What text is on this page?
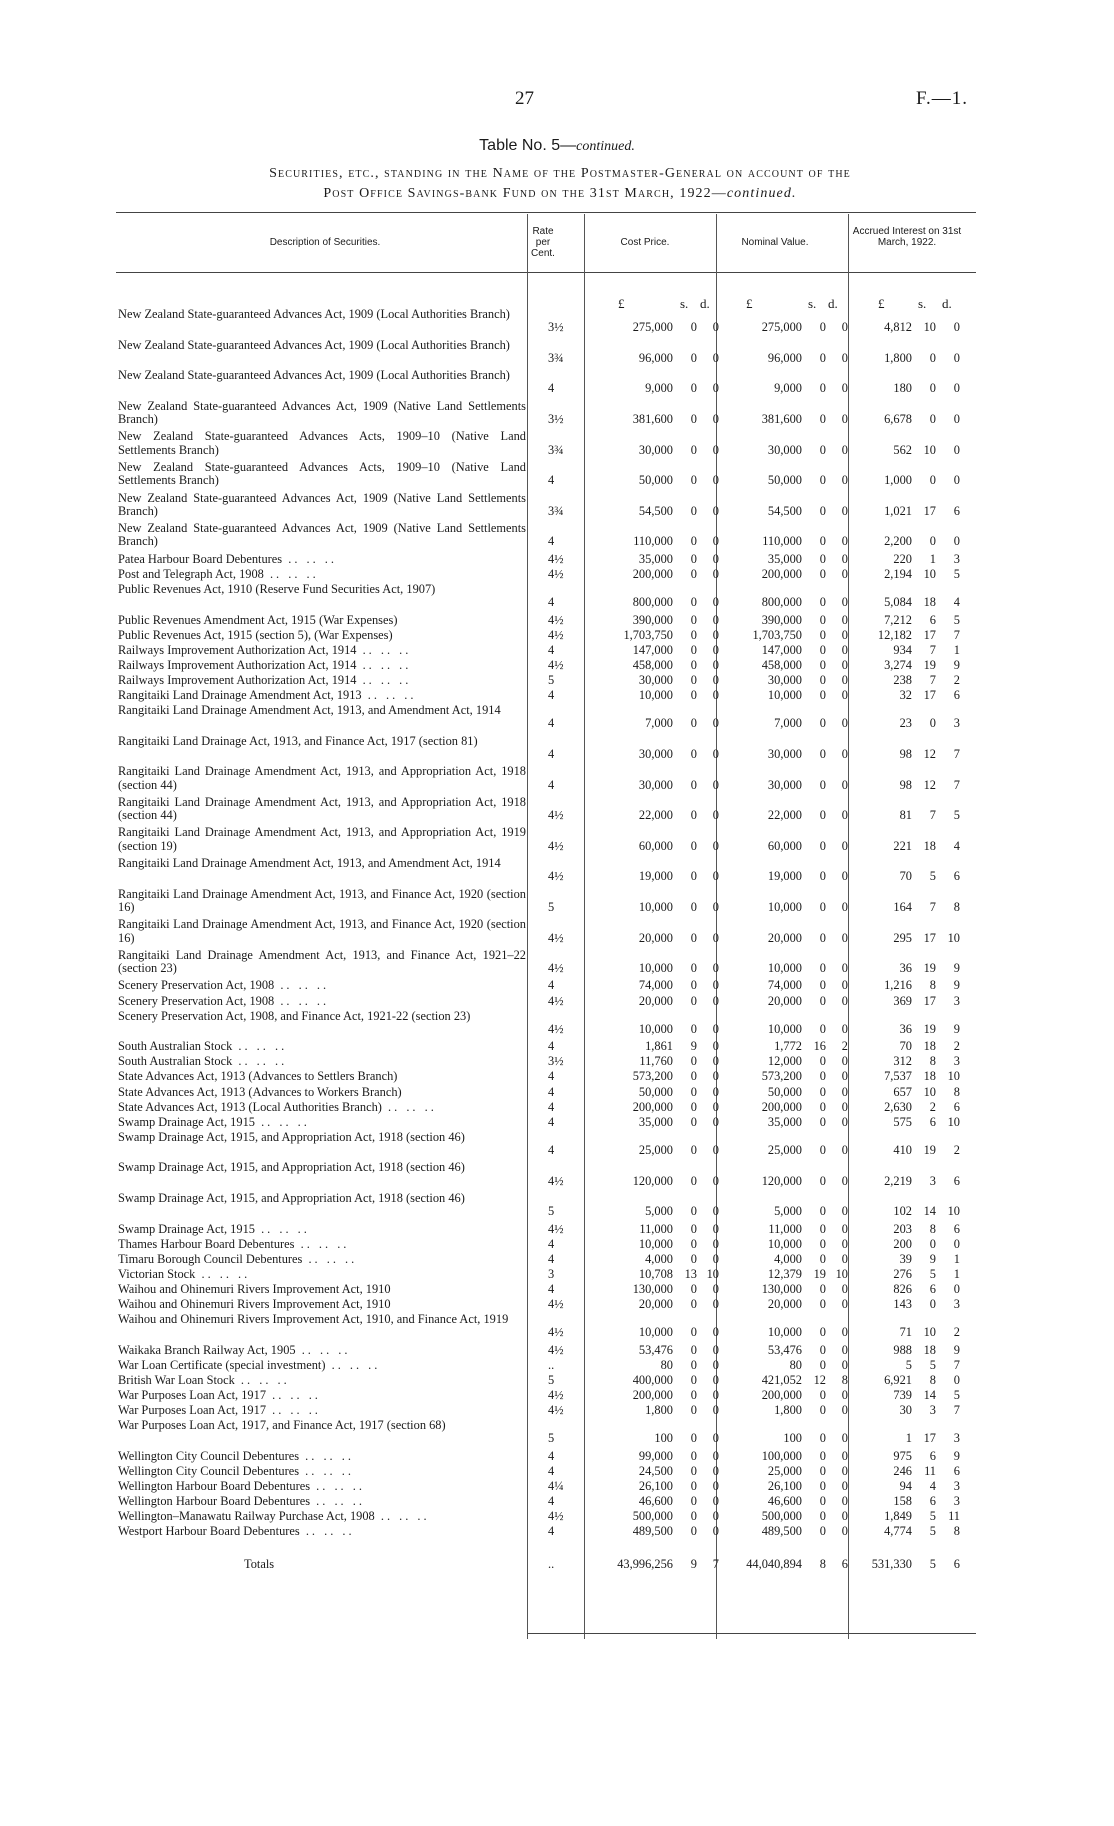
27	F.—1.
Table No. 5—continued.
Securities, etc., standing in the Name of the Postmaster-General on account of the
Post Office Savings-bank Fund on the 31st March, 1922—continued.
Description of Securities.
Rate per Cent.
Cost Price.	Nominal Value.
Accrued Interest on 31st March, 1922.
£	s. d.	£	s. d.	£	s. d.
New Zealand State-guaranteed Advances Act, 1909 (Local Authorities Branch)
3½	275,000	0	0	275,000	0	0	4,812 10	0
New Zealand State-guaranteed Advances Act, 1909 (Local Authorities Branch)
3¾	96,000	0	0	96,000	0	0	1,800	0	0
New Zealand State-guaranteed Advances Act, 1909 (Local Authorities Branch)
4	9,000	0	0	9,000	0	0	180	0	0
New Zealand State-guaranteed Advances Act, 1909 (Native Land Settlements Branch)	3½	381,600	0	0	381,600	0	0	6,678	0	0
New Zealand State-guaranteed Advances Acts, 1909–10 (Native Land Settlements Branch)	3¾	30,000	0	0	30,000	0	0	562 10	0
New Zealand State-guaranteed Advances Acts, 1909–10 (Native Land Settlements Branch)	4	50,000	0	0	50,000	0	0	1,000	0	0
New Zealand State-guaranteed Advances Act, 1909 (Native Land Settlements Branch)	3¾	54,500	0	0	54,500	0	0	1,021 17	6
New Zealand State-guaranteed Advances Act, 1909 (Native Land Settlements Branch)	4	110,000	0	0	110,000	0	0	2,200	0	0
Patea Harbour Board Debentures .. .. ..	4½	35,000	0	0	35,000	0	0	220	1	3
Post and Telegraph Act, 1908 .. .. ..	4½	200,000	0	0	200,000	0	0	2,194 10	5
Public Revenues Act, 1910 (Reserve Fund Securities Act, 1907)
4	800,000	0	0	800,000	0	0	5,084 18	4
Public Revenues Amendment Act, 1915 (War Expenses)	4½	390,000	0	0	390,000	0	0	7,212	6	5
Public Revenues Act, 1915 (section 5), (War Expenses)	4½	1,703,750	0	0	1,703,750	0	0	12,182 17	7
Railways Improvement Authorization Act, 1914 .. .. ..	4	147,000	0	0	147,000	0	0	934	7	1
Railways Improvement Authorization Act, 1914 .. .. ..	4½	458,000	0	0	458,000	0	0	3,274 19	9
Railways Improvement Authorization Act, 1914 .. .. ..	5	30,000	0	0	30,000	0	0	238	7	2
Rangitaiki Land Drainage Amendment Act, 1913 .. .. ..	4	10,000	0	0	10,000	0	0	32 17	6
Rangitaiki Land Drainage Amendment Act, 1913, and Amendment Act, 1914
4	7,000	0	0	7,000	0	0	23	0	3
Rangitaiki Land Drainage Act, 1913, and Finance Act, 1917 (section 81)
4	30,000	0	0	30,000	0	0	98 12	7
Rangitaiki Land Drainage Amendment Act, 1913, and Appropriation Act, 1918 (section 44)	4	30,000	0	0	30,000	0	0	98 12	7
Rangitaiki Land Drainage Amendment Act, 1913, and Appropriation Act, 1918 (section 44)	4½	22,000	0	0	22,000	0	0	81	7	5
Rangitaiki Land Drainage Amendment Act, 1913, and Appropriation Act, 1919 (section 19)	4½	60,000	0	0	60,000	0	0	221 18	4
Rangitaiki Land Drainage Amendment Act, 1913, and Amendment Act, 1914
4½	19,000	0	0	19,000	0	0	70	5	6
Rangitaiki Land Drainage Amendment Act, 1913, and Finance Act, 1920 (section 16)	5	10,000	0	0	10,000	0	0	164	7	8
Rangitaiki Land Drainage Amendment Act, 1913, and Finance Act, 1920 (section 16)	4½	20,000	0	0	20,000	0	0	295 17 10
Rangitaiki Land Drainage Amendment Act, 1913, and Finance Act, 1921–22 (section 23)	4½	10,000	0	0	10,000	0	0	36 19	9
Scenery Preservation Act, 1908 .. .. ..	4	74,000	0	0	74,000	0	0	1,216	8	9
Scenery Preservation Act, 1908 .. .. ..	4½	20,000	0	0	20,000	0	0	369 17	3
Scenery Preservation Act, 1908, and Finance Act, 1921-22 (section 23)
4½	10,000	0	0	10,000	0	0	36 19	9
South Australian Stock .. .. ..	4	1,861	9	0	1,772 16	2	70 18	2
South Australian Stock .. .. ..	3½	11,760	0	0	12,000	0	0	312	8	3
State Advances Act, 1913 (Advances to Settlers Branch)	4	573,200	0	0	573,200	0	0	7,537 18 10
State Advances Act, 1913 (Advances to Workers Branch)	4	50,000	0	0	50,000	0	0	657 10	8
State Advances Act, 1913 (Local Authorities Branch) .. .. ..	4	200,000	0	0	200,000	0	0	2,630	2	6
Swamp Drainage Act, 1915 .. .. ..	4	35,000	0	0	35,000	0	0	575	6 10
Swamp Drainage Act, 1915, and Appropriation Act, 1918 (section 46)
4	25,000	0	0	25,000	0	0	410 19	2
Swamp Drainage Act, 1915, and Appropriation Act, 1918 (section 46)
4½	120,000	0	0	120,000	0	0	2,219	3	6
Swamp Drainage Act, 1915, and Appropriation Act, 1918 (section 46)
5	5,000	0	0	5,000	0	0	102 14 10
Swamp Drainage Act, 1915 .. .. ..	4½	11,000	0	0	11,000	0	0	203	8	6
Thames Harbour Board Debentures .. .. ..	4	10,000	0	0	10,000	0	0	200	0	0
Timaru Borough Council Debentures .. .. ..	4	4,000	0	0	4,000	0	0	39	9	1
Victorian Stock .. .. ..	3	10,708 13 10	12,379 19 10	276	5	1
Waihou and Ohinemuri Rivers Improvement Act, 1910	4	130,000	0	0	130,000	0	0	826	6	0
Waihou and Ohinemuri Rivers Improvement Act, 1910	4½	20,000	0	0	20,000	0	0	143	0	3
Waihou and Ohinemuri Rivers Improvement Act, 1910, and Finance Act, 1919
4½	10,000	0	0	10,000	0	0	71 10	2
Waikaka Branch Railway Act, 1905 .. .. ..	4½	53,476	0	0	53,476	0	0	988 18	9
War Loan Certificate (special investment) .. .. ..	..	80	0	0	80	0	0	5	5	7
British War Loan Stock .. .. ..	5	400,000	0	0	421,052 12	8	6,921	8	0
War Purposes Loan Act, 1917 .. .. ..	4½	200,000	0	0	200,000	0	0	739 14	5
War Purposes Loan Act, 1917 .. .. ..	4½	1,800	0	0	1,800	0	0	30	3	7
War Purposes Loan Act, 1917, and Finance Act, 1917 (section 68)
5	100	0	0	100	0	0	1 17	3
Wellington City Council Debentures .. .. ..	4	99,000	0	0	100,000	0	0	975	6	9
Wellington City Council Debentures .. .. ..	4	24,500	0	0	25,000	0	0	246 11	6
Wellington Harbour Board Debentures .. .. ..	4¼	26,100	0	0	26,100	0	0	94	4	3
Wellington Harbour Board Debentures .. .. ..	4	46,600	0	0	46,600	0	0	158	6	3
Wellington–Manawatu Railway Purchase Act, 1908 .. .. ..	4½	500,000	0	0	500,000	0	0	1,849	5 11
Westport Harbour Board Debentures .. .. ..	4	489,500	0	0	489,500	0	0	4,774	5	8
Totals	..	43,996,256	9	7	44,040,894	8	6	531,330	5	6
